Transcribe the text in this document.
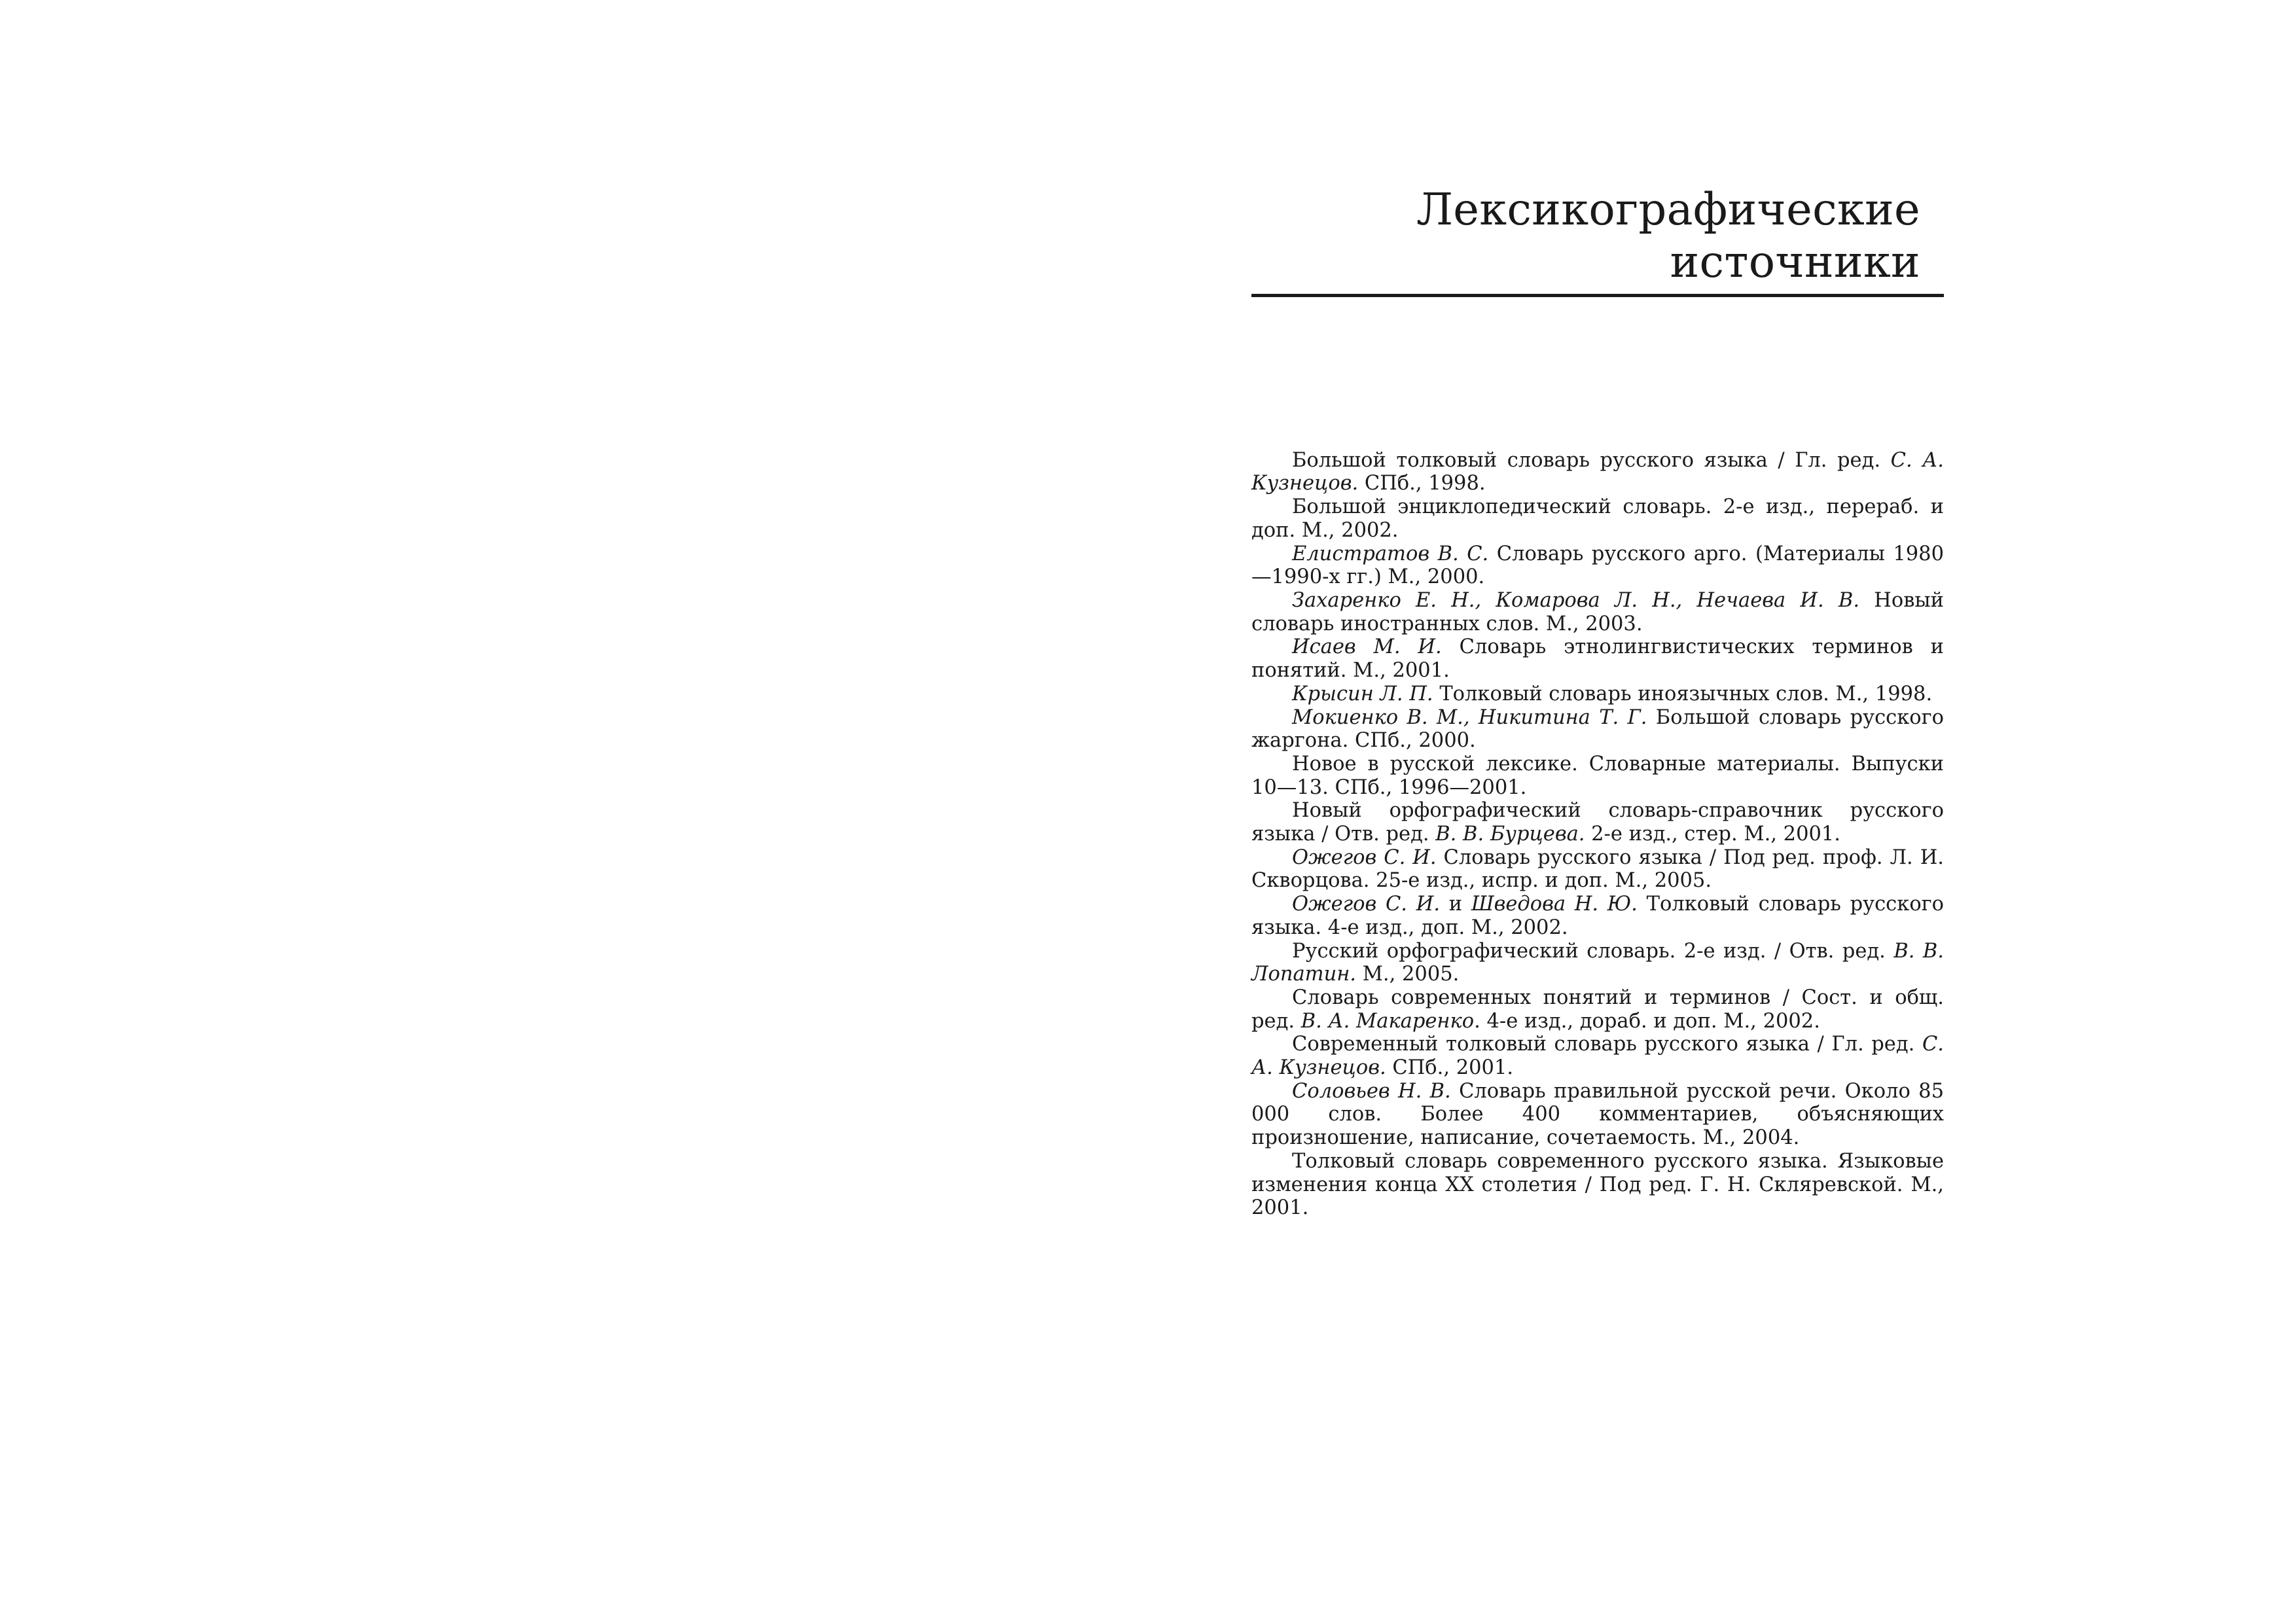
Лексикографические источники

Большой толковый словарь русского языка / Гл. ред. С. А. Кузнецов. СПб., 1998.

Большой энциклопедический словарь. 2-е изд., перераб. и доп. М., 2002.

Елистратов В. С. Словарь русского арго. (Материалы 1980—1990-х гг.) М., 2000.

Захаренко Е. Н., Комарова Л. Н., Нечаева И. В. Новый словарь иностранных слов. М., 2003.

Исаев М. И. Словарь этнолингвистических терминов и понятий. М., 2001.

Крысин Л. П. Толковый словарь иноязычных слов. М., 1998.

Мокиенко В. М., Никитина Т. Г. Большой словарь русского жаргона. СПб., 2000.

Новое в русской лексике. Словарные материалы. Выпуски 10—13. СПб., 1996—2001.

Новый орфографический словарь-справочник русского языка / Отв. ред. В. В. Бурцева. 2-е изд., стер. М., 2001.

Ожегов С. И. Словарь русского языка / Под ред. проф. Л. И. Скворцова. 25-е изд., испр. и доп. М., 2005.

Ожегов С. И. и Шведова Н. Ю. Толковый словарь русского языка. 4-е изд., доп. М., 2002.

Русский орфографический словарь. 2-е изд. / Отв. ред. В. В. Лопатин. М., 2005.

Словарь современных понятий и терминов / Сост. и общ. ред. В. А. Макаренко. 4-е изд., дораб. и доп. М., 2002.

Современный толковый словарь русского языка / Гл. ред. С. А. Кузнецов. СПб., 2001.

Соловьев Н. В. Словарь правильной русской речи. Около 85 000 слов. Более 400 комментариев, объясняющих произношение, написание, сочетаемость. М., 2004.

Толковый словарь современного русского языка. Языковые изменения конца XX столетия / Под ред. Г. Н. Скляревской. М., 2001.
